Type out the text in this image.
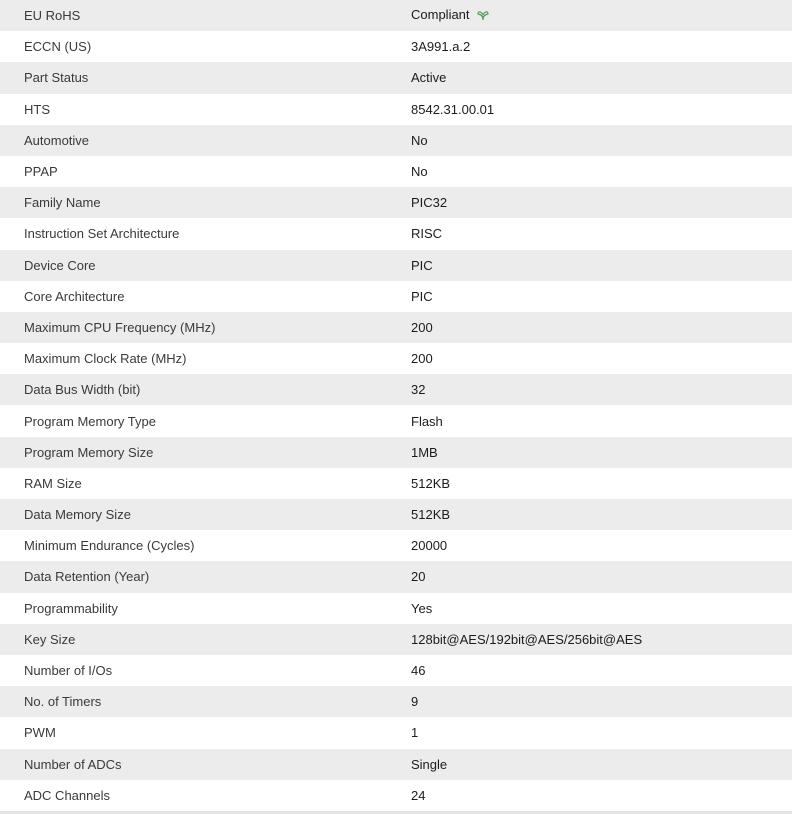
EU RoHS	Compliant
ECCN (US)	3A991.a.2
Part Status	Active
HTS	8542.31.00.01
Automotive	No
PPAP	No
Family Name	PIC32
Instruction Set Architecture	RISC
Device Core	PIC
Core Architecture	PIC
Maximum CPU Frequency (MHz)	200
Maximum Clock Rate (MHz)	200
Data Bus Width (bit)	32
Program Memory Type	Flash
Program Memory Size	1MB
RAM Size	512KB
Data Memory Size	512KB
Minimum Endurance (Cycles)	20000
Data Retention (Year)	20
Programmability	Yes
Key Size	128bit@AES/192bit@AES/256bit@AES
Number of I/Os	46
No. of Timers	9
PWM	1
Number of ADCs	Single
ADC Channels	24
